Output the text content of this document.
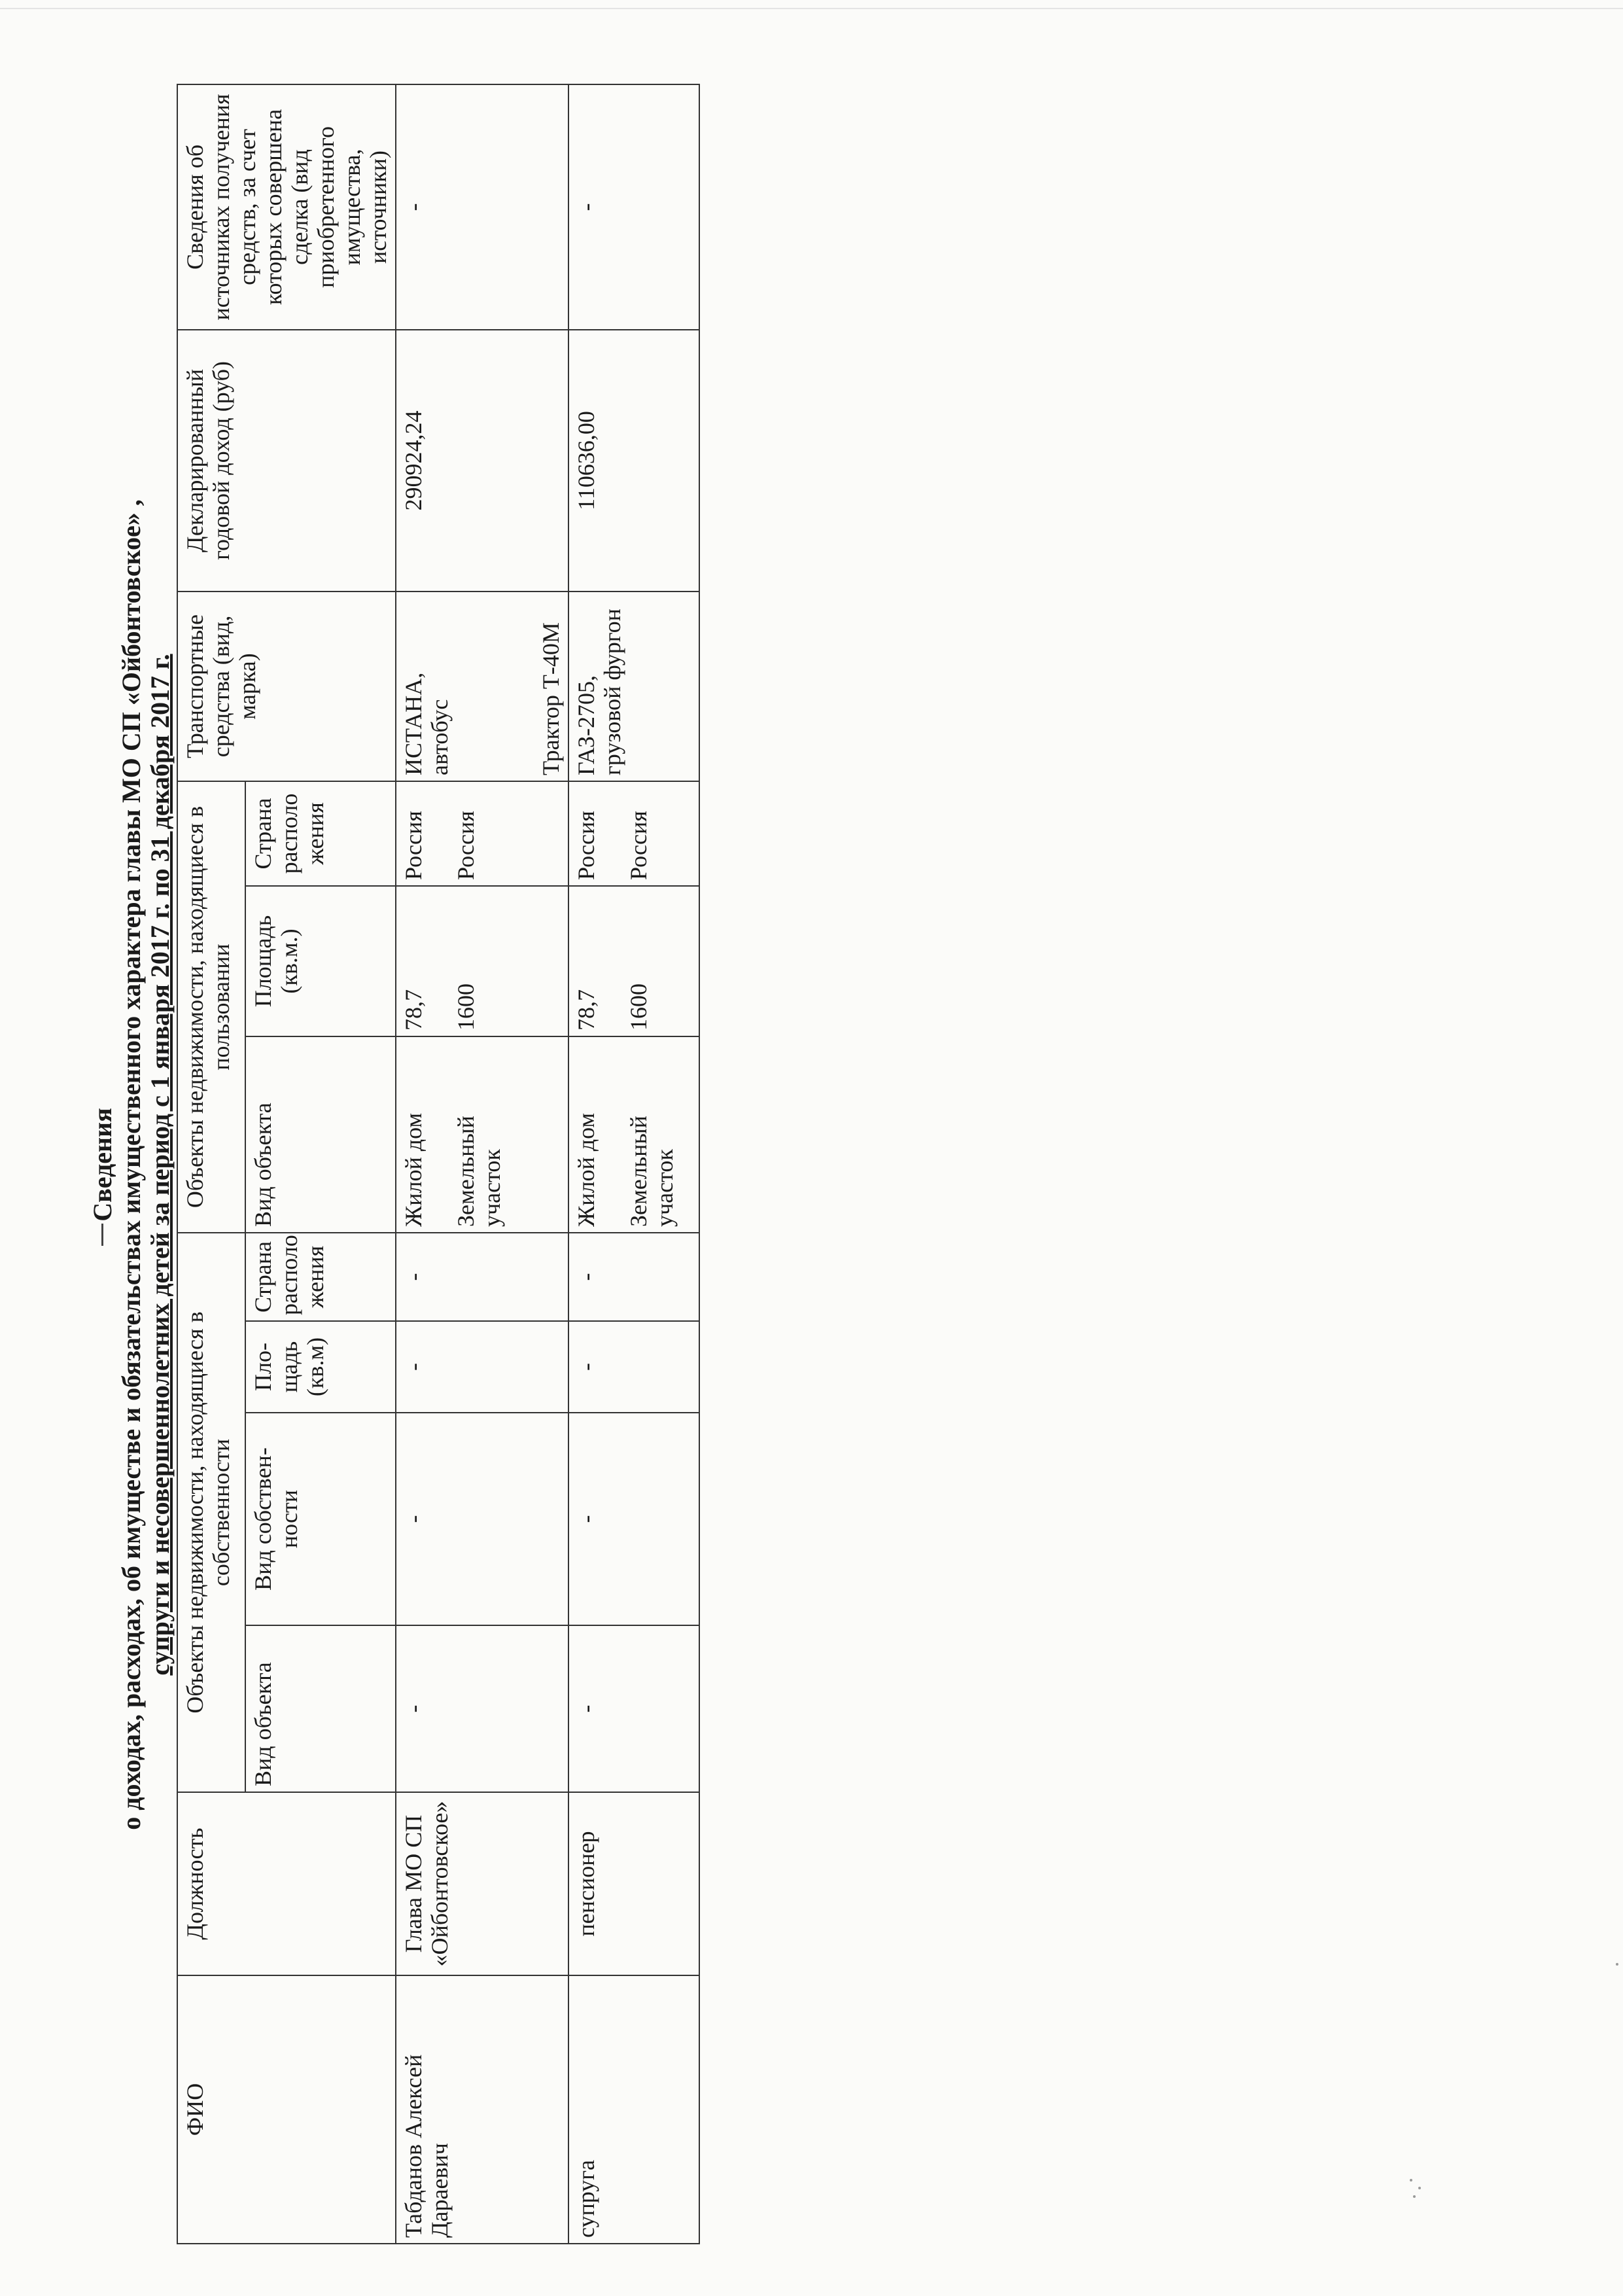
Сведения о доходах, расходах, об имуществе и обязательствах имущественного характера главы МО СП «Ойбонтовское» , супруги и несовершеннолетних детей за период с 1 января 2017 г. по 31 декабря 2017 г.
ФИО	Должность	Объекты недвижимости, находящиеся в собственности				Объекты недвижимости, находящиеся в пользовании			Транспортные средства (вид, марка)	Декларированный годовой доход (руб)	Сведения об источниках получения средств, за счет которых совершена сделка (вид приобретенного имущества, источники)
		Вид объекта	Вид собствен-ности	Пло-щадь (кв.м)	Страна располо жения	Вид объекта	Площадь (кв.м.)	Страна располо жения			
Табданов Алексей Дараевич	Глава МО СП «Ойбонтовское»	-	-	-	-	Жилой дом Земельный участок	78,7 1600	Россия Россия	ИСТАНА, автобус Трактор Т-40М	290924,24	-
супруга	пенсионер	-	-	-	-	Жилой дом Земельный участок	78,7 1600	Россия Россия	ГАЗ-2705, грузовой фургон	110636,00	-
